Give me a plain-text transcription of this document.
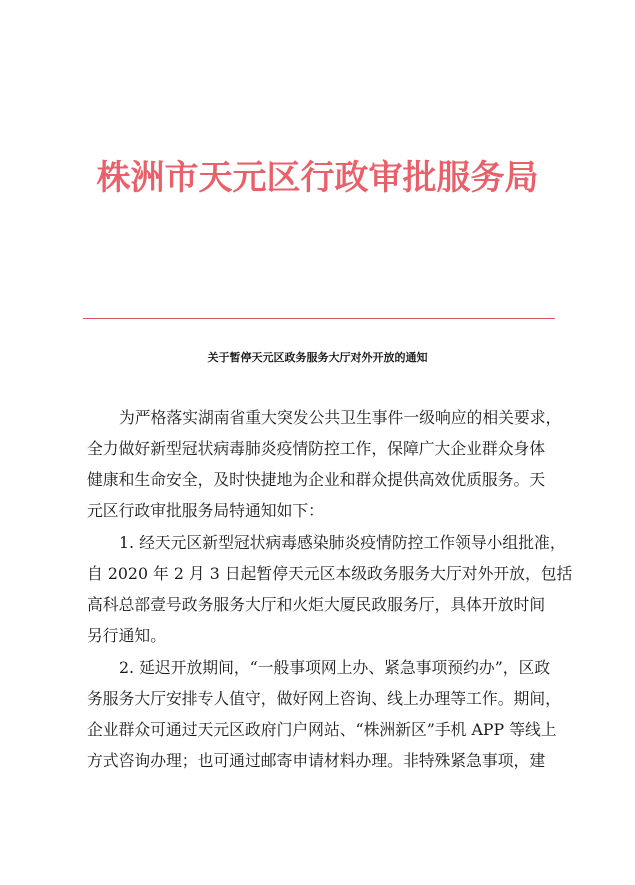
株洲市天元区行政审批服务局
关于暂停天元区政务服务大厅对外开放的通知
为严格落实湖南省重大突发公共卫生事件一级响应的相关要求，
全力做好新型冠状病毒肺炎疫情防控工作，保障广大企业群众身体
健康和生命安全，及时快捷地为企业和群众提供高效优质服务。天
元区行政审批服务局特通知如下：
1. 经天元区新型冠状病毒感染肺炎疫情防控工作领导小组批准，
自 2020 年 2 月 3 日起暂停天元区本级政务服务大厅对外开放，包括
高科总部壹号政务服务大厅和火炬大厦民政服务厅，具体开放时间
另行通知。
2. 延迟开放期间，“一般事项网上办、紧急事项预约办”，区政
务服务大厅安排专人值守，做好网上咨询、线上办理等工作。期间，
企业群众可通过天元区政府门户网站、“株洲新区”手机 APP 等线上
方式咨询办理；也可通过邮寄申请材料办理。非特殊紧急事项，建
